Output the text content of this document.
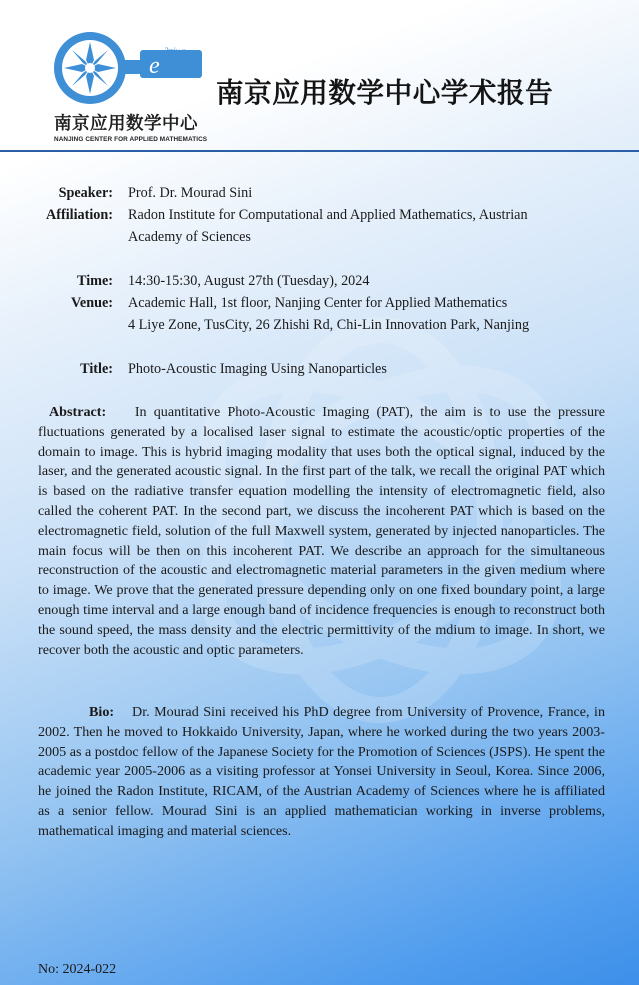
e
2πiv·p
南京应用数学中心
NANJING CENTER FOR APPLIED MATHEMATICS
南京应用数学中心学术报告
Speaker: Prof. Dr. Mourad Sini
Affiliation: Radon Institute for Computational and Applied Mathematics, Austrian
Academy of Sciences
Time: 14:30-15:30, August 27th (Tuesday), 2024
Venue: Academic Hall, 1st floor, Nanjing Center for Applied Mathematics
4 Liye Zone, TusCity, 26 Zhishi Rd, Chi-Lin Innovation Park, Nanjing
Title: Photo-Acoustic Imaging Using Nanoparticles
Abstract: In quantitative Photo-Acoustic Imaging (PAT), the aim is to use the pressure fluctuations generated by a localised laser signal to estimate the acoustic/optic properties of the domain to image. This is hybrid imaging modality that uses both the optical signal, induced by the laser, and the generated acoustic signal. In the first part of the talk, we recall the original PAT which is based on the radiative transfer equation modelling the intensity of electromagnetic field, also called the coherent PAT. In the second part, we discuss the incoherent PAT which is based on the electromagnetic field, solution of the full Maxwell system, generated by injected nanoparticles. The main focus will be then on this incoherent PAT. We describe an approach for the simultaneous reconstruction of the acoustic and electromagnetic material parameters in the given medium where to image. We prove that the generated pressure depending only on one fixed boundary point, a large enough time interval and a large enough band of incidence frequencies is enough to reconstruct both the sound speed, the mass density and the electric permittivity of the mdium to image. In short, we recover both the acoustic and optic parameters.
Bio: Dr. Mourad Sini received his PhD degree from University of Provence, France, in 2002. Then he moved to Hokkaido University, Japan, where he worked during the two years 2003-2005 as a postdoc fellow of the Japanese Society for the Promotion of Sciences (JSPS). He spent the academic year 2005-2006 as a visiting professor at Yonsei University in Seoul, Korea. Since 2006, he joined the Radon Institute, RICAM, of the Austrian Academy of Sciences where he is affiliated as a senior fellow. Mourad Sini is an applied mathematician working in inverse problems, mathematical imaging and material sciences.
No: 2024-022
